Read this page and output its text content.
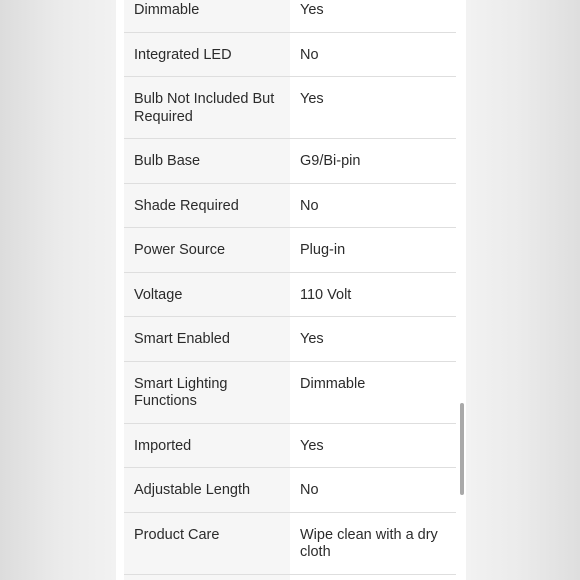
Dimmable	Yes
Integrated LED	No
Bulb Not Included But Required	Yes
Bulb Base	G9/Bi-pin
Shade Required	No
Power Source	Plug-in
Voltage	110 Volt
Smart Enabled	Yes
Smart Lighting Functions	Dimmable
Imported	Yes
Adjustable Length	No
Product Care	Wipe clean with a dry cloth
